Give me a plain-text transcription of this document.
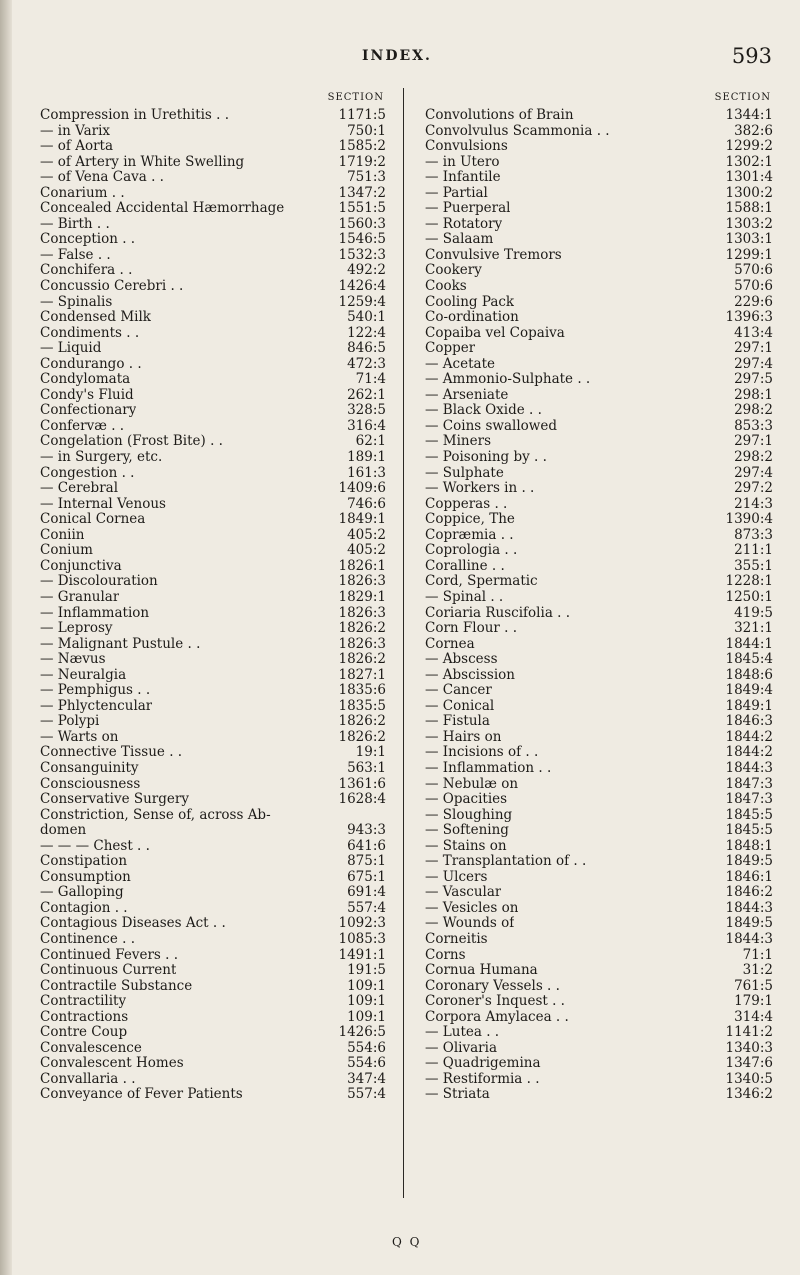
INDEX.	593
SECTION
Compression in Urethitis . .	1171:5
— in Varix	750:1
— of Aorta	1585:2
— of Artery in White Swelling	1719:2
— of Vena Cava . .	751:3
Conarium . .	1347:2
Concealed Accidental Hæmorrhage	1551:5
— Birth . .	1560:3
Conception . .	1546:5
— False . .	1532:3
Conchifera . .	492:2
Concussio Cerebri . .	1426:4
— Spinalis	1259:4
Condensed Milk	540:1
Condiments . .	122:4
— Liquid	846:5
Condurango . .	472:3
Condylomata	71:4
Condy's Fluid	262:1
Confectionary	328:5
Confervæ . .	316:4
Congelation (Frost Bite) . .	62:1
— in Surgery, etc.	189:1
Congestion . .	161:3
— Cerebral	1409:6
— Internal Venous	746:6
Conical Cornea	1849:1
Coniin	405:2
Conium	405:2
Conjunctiva	1826:1
— Discolouration	1826:3
— Granular	1829:1
— Inflammation	1826:3
— Leprosy	1826:2
— Malignant Pustule . .	1826:3
— Nævus	1826:2
— Neuralgia	1827:1
— Pemphigus . .	1835:6
— Phlyctencular	1835:5
— Polypi	1826:2
— Warts on	1826:2
Connective Tissue . .	19:1
Consanguinity	563:1
Consciousness	1361:6
Conservative Surgery	1628:4
Constriction, Sense of, across Ab-
domen	943:3
— — — Chest . .	641:6
Constipation	875:1
Consumption	675:1
— Galloping	691:4
Contagion . .	557:4
Contagious Diseases Act . .	1092:3
Continence . .	1085:3
Continued Fevers . .	1491:1
Continuous Current	191:5
Contractile Substance	109:1
Contractility	109:1
Contractions	109:1
Contre Coup	1426:5
Convalescence	554:6
Convalescent Homes	554:6
Convallaria . .	347:4
Conveyance of Fever Patients	557:4
SECTION
Convolutions of Brain	1344:1
Convolvulus Scammonia . .	382:6
Convulsions	1299:2
— in Utero	1302:1
— Infantile	1301:4
— Partial	1300:2
— Puerperal	1588:1
— Rotatory	1303:2
— Salaam	1303:1
Convulsive Tremors	1299:1
Cookery	570:6
Cooks	570:6
Cooling Pack	229:6
Co-ordination	1396:3
Copaiba vel Copaiva	413:4
Copper	297:1
— Acetate	297:4
— Ammonio-Sulphate . .	297:5
— Arseniate	298:1
— Black Oxide . .	298:2
— Coins swallowed	853:3
— Miners	297:1
— Poisoning by . .	298:2
— Sulphate	297:4
— Workers in . .	297:2
Copperas . .	214:3
Coppice, The	1390:4
Copræmia . .	873:3
Coprologia . .	211:1
Coralline . .	355:1
Cord, Spermatic	1228:1
— Spinal . .	1250:1
Coriaria Ruscifolia . .	419:5
Corn Flour . .	321:1
Cornea	1844:1
— Abscess	1845:4
— Abscission	1848:6
— Cancer	1849:4
— Conical	1849:1
— Fistula	1846:3
— Hairs on	1844:2
— Incisions of . .	1844:2
— Inflammation . .	1844:3
— Nebulæ on	1847:3
— Opacities	1847:3
— Sloughing	1845:5
— Softening	1845:5
— Stains on	1848:1
— Transplantation of . .	1849:5
— Ulcers	1846:1
— Vascular	1846:2
— Vesicles on	1844:3
— Wounds of	1849:5
Corneitis	1844:3
Corns	71:1
Cornua Humana	31:2
Coronary Vessels . .	761:5
Coroner's Inquest . .	179:1
Corpora Amylacea . .	314:4
— Lutea . .	1141:2
— Olivaria	1340:3
— Quadrigemina	1347:6
— Restiformia . .	1340:5
— Striata	1346:2
Q Q
